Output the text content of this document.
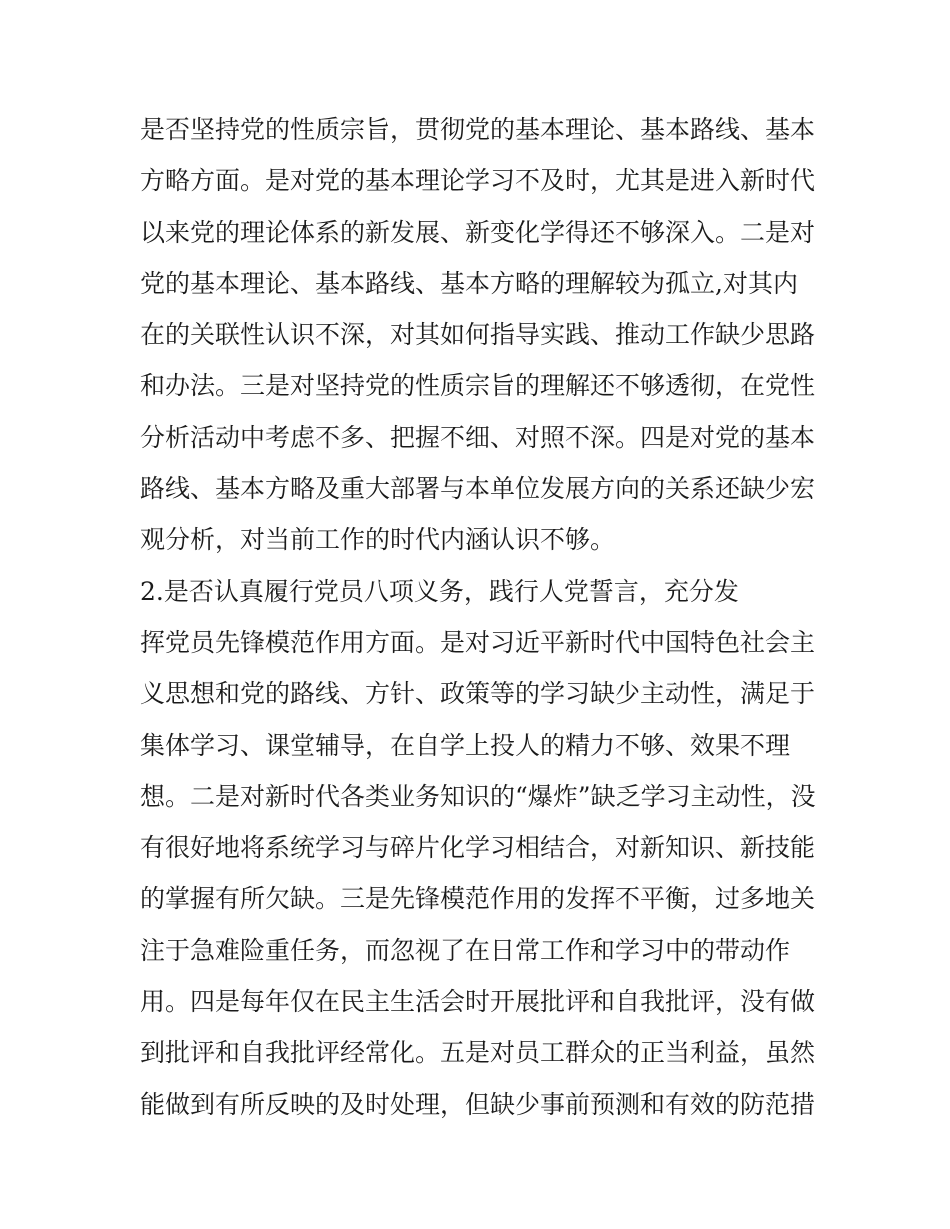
是否坚持党的性质宗旨，贯彻党的基本理论、基本路线、基本
方略方面。是对党的基本理论学习不及时，尤其是进入新时代
以来党的理论体系的新发展、新变化学得还不够深入。二是对
党的基本理论、基本路线、基本方略的理解较为孤立,对其内
在的关联性认识不深，对其如何指导实践、推动工作缺少思路
和办法。三是对坚持党的性质宗旨的理解还不够透彻，在党性
分析活动中考虑不多、把握不细、对照不深。四是对党的基本
路线、基本方略及重大部署与本单位发展方向的关系还缺少宏
观分析，对当前工作的时代内涵认识不够。
2.是否认真履行党员八项义务，践行人党誓言，充分发
挥党员先锋模范作用方面。是对习近平新时代中国特色社会主
义思想和党的路线、方针、政策等的学习缺少主动性，满足于
集体学习、课堂辅导，在自学上投人的精力不够、效果不理
想。二是对新时代各类业务知识的“爆炸”缺乏学习主动性，没
有很好地将系统学习与碎片化学习相结合，对新知识、新技能
的掌握有所欠缺。三是先锋模范作用的发挥不平衡，过多地关
注于急难险重任务，而忽视了在日常工作和学习中的带动作
用。四是每年仅在民主生活会时开展批评和自我批评，没有做
到批评和自我批评经常化。五是对员工群众的正当利益，虽然
能做到有所反映的及时处理，但缺少事前预测和有效的防范措
